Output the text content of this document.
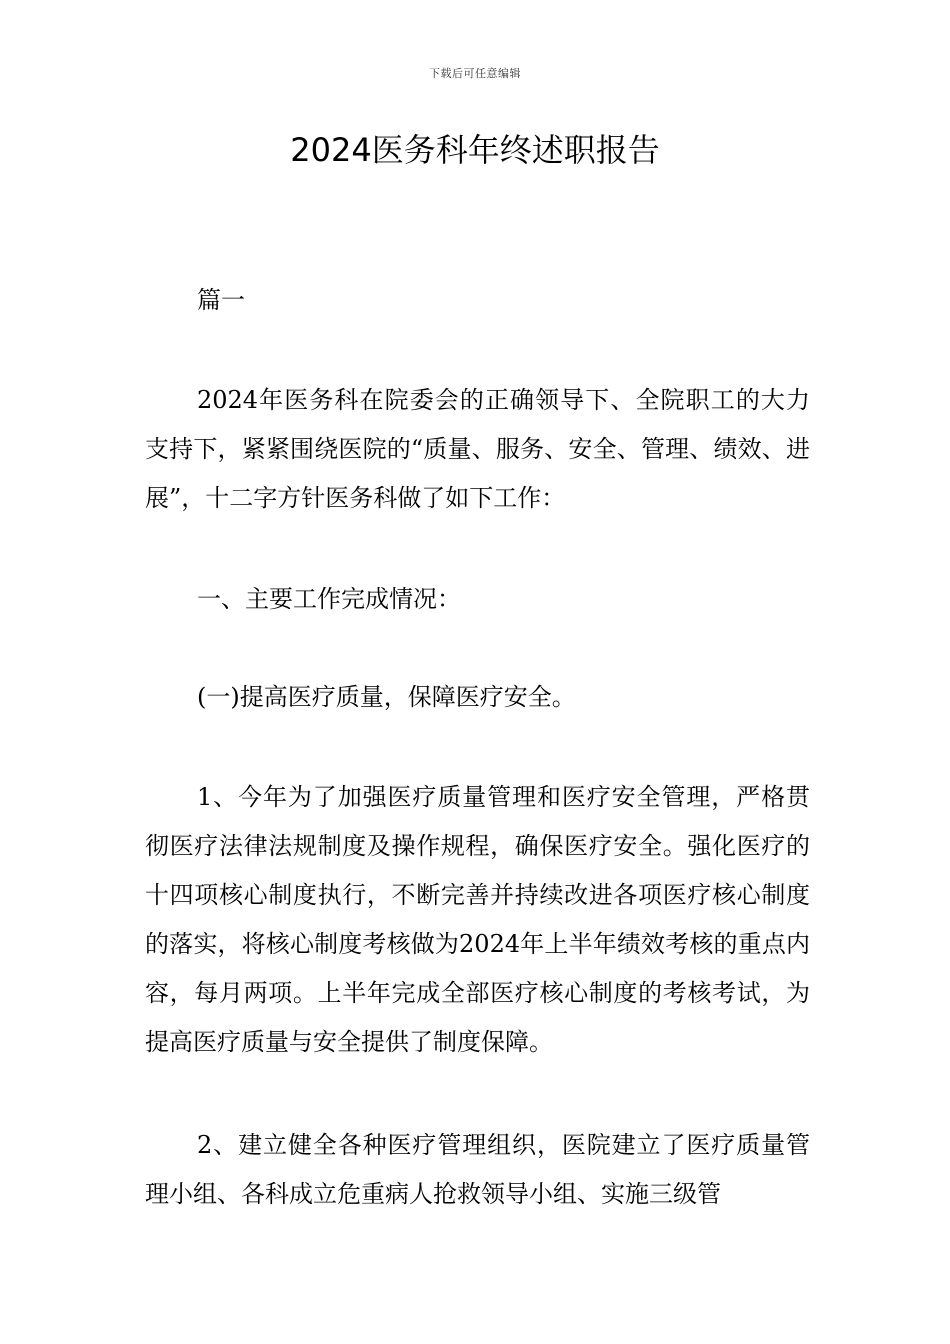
下载后可任意编辑
2024医务科年终述职报告

篇一

2024年医务科在院委会的正确领导下、全院职工的大力支持下，紧紧围绕医院的“质量、服务、安全、管理、绩效、进展”，十二字方针医务科做了如下工作：

一、主要工作完成情况：

(一)提高医疗质量，保障医疗安全。

1、今年为了加强医疗质量管理和医疗安全管理，严格贯彻医疗法律法规制度及操作规程，确保医疗安全。强化医疗的十四项核心制度执行，不断完善并持续改进各项医疗核心制度的落实，将核心制度考核做为2024年上半年绩效考核的重点内容，每月两项。上半年完成全部医疗核心制度的考核考试，为提高医疗质量与安全提供了制度保障。

2、建立健全各种医疗管理组织，医院建立了医疗质量管理小组、各科成立危重病人抢救领导小组、实施三级管
